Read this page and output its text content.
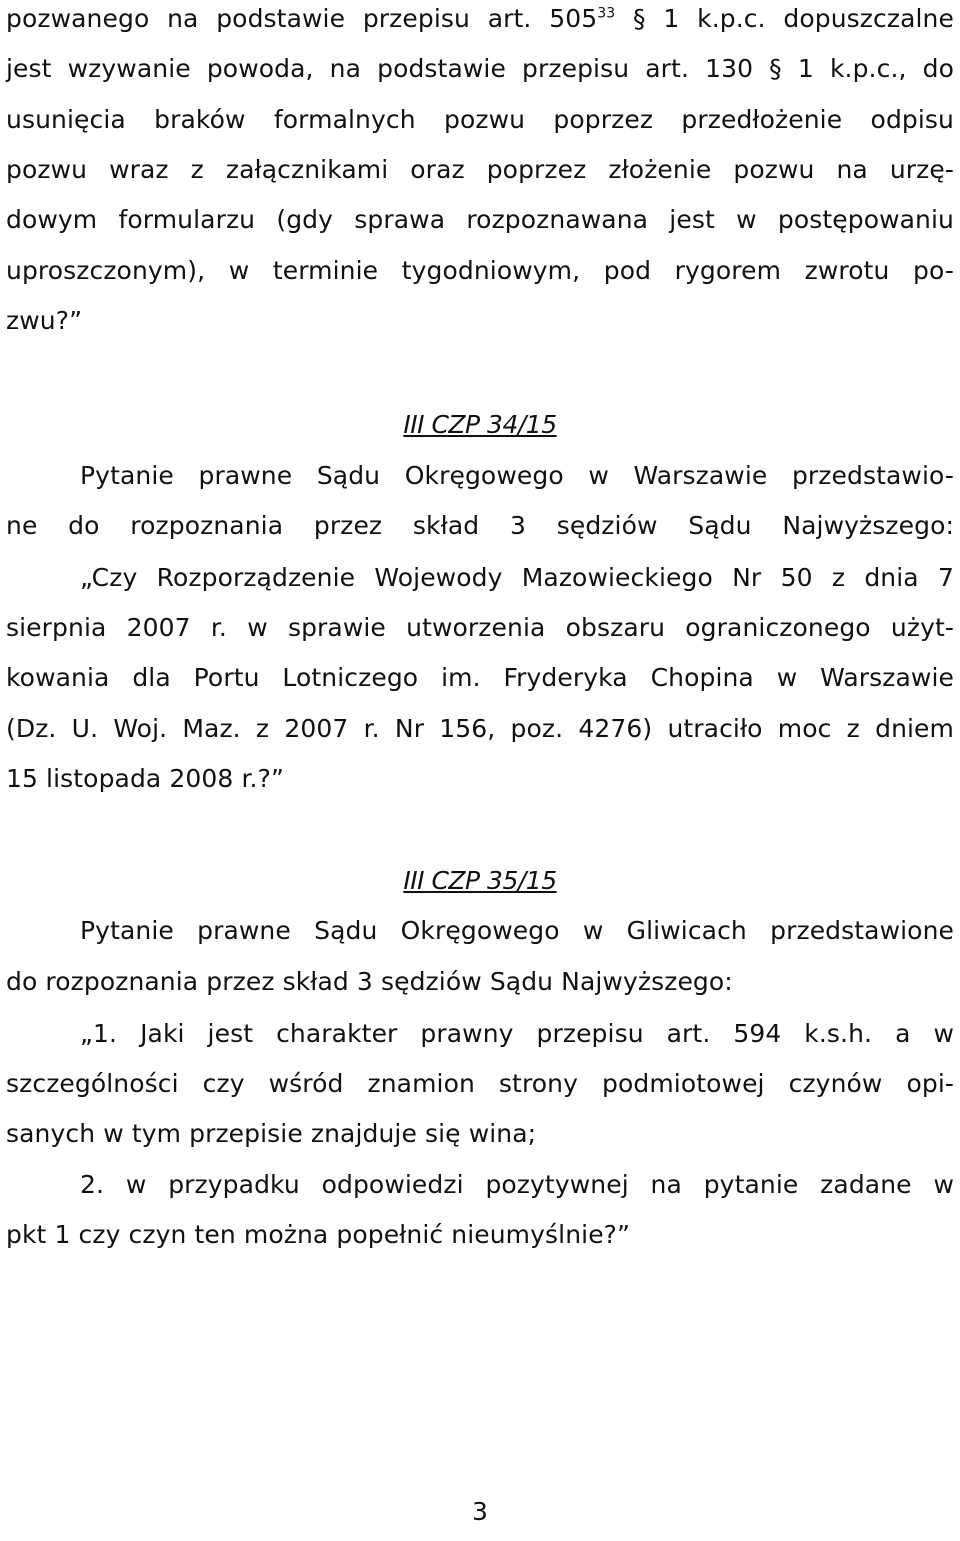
pozwanego na podstawie przepisu art. $505^{33}$ § 1 k.p.c. dopuszczalne
jest wzywanie powoda, na podstawie przepisu art. 130 § 1 k.p.c., do
usunięcia braków formalnych pozwu poprzez przedłożenie odpisu
pozwu wraz z załącznikami oraz poprzez złożenie pozwu na urzę-
dowym formularzu (gdy sprawa rozpoznawana jest w postępowaniu
uproszczonym), w terminie tygodniowym, pod rygorem zwrotu po-
zwu?”
III CZP 34/15
Pytanie prawne Sądu Okręgowego w Warszawie przedstawio-
ne do rozpoznania przez skład 3 sędziów Sądu Najwyższego:
„Czy Rozporządzenie Wojewody Mazowieckiego Nr 50 z dnia 7
sierpnia 2007 r. w sprawie utworzenia obszaru ograniczonego użyt-
kowania dla Portu Lotniczego im. Fryderyka Chopina w Warszawie
(Dz. U. Woj. Maz. z 2007 r. Nr 156, poz. 4276) utraciło moc z dniem
15 listopada 2008 r.?”
III CZP 35/15
Pytanie prawne Sądu Okręgowego w Gliwicach przedstawione
do rozpoznania przez skład 3 sędziów Sądu Najwyższego:
„1. Jaki jest charakter prawny przepisu art. 594 k.s.h. a w
szczególności czy wśród znamion strony podmiotowej czynów opi-
sanych w tym przepisie znajduje się wina;
2. w przypadku odpowiedzi pozytywnej na pytanie zadane w
pkt 1 czy czyn ten można popełnić nieumyślnie?”
3
